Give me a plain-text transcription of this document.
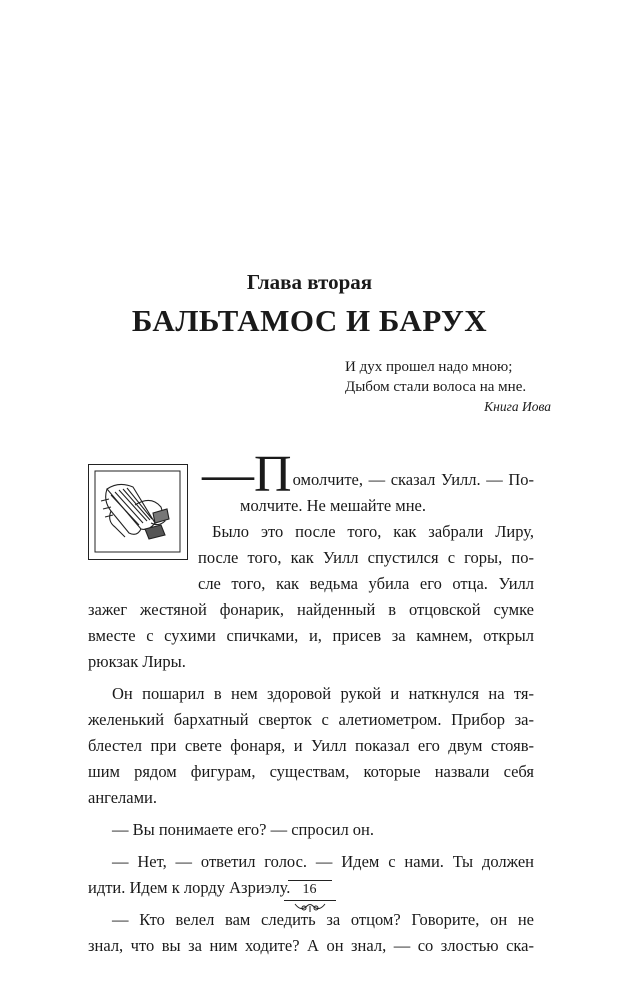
Глава вторая
БАЛЬТАМОС И БАРУХ
И дух прошел надо мною;
Дыбом стали волоса на мне.
Книга Иова
—П омолчите, — сказал Уилл. — По-
молчите. Не мешайте мне.
Было это после того, как забрали Лиру,
после того, как Уилл спустился с горы, по-
сле того, как ведьма убила его отца. Уилл
зажег жестяной фонарик, найденный в отцовской сумке
вместе с сухими спичками, и, присев за камнем, открыл
рюкзак Лиры.
Он пошарил в нем здоровой рукой и наткнулся на тя-
желенький бархатный сверток с алетиометром. Прибор за-
блестел при свете фонаря, и Уилл показал его двум стояв-
шим рядом фигурам, существам, которые назвали себя
ангелами.
— Вы понимаете его? — спросил он.
— Нет, — ответил голос. — Идем с нами. Ты должен
идти. Идем к лорду Азриэлу.
— Кто велел вам следить за отцом? Говорите, он не
знал, что вы за ним ходите? А он знал, — со злостью ска-
16
